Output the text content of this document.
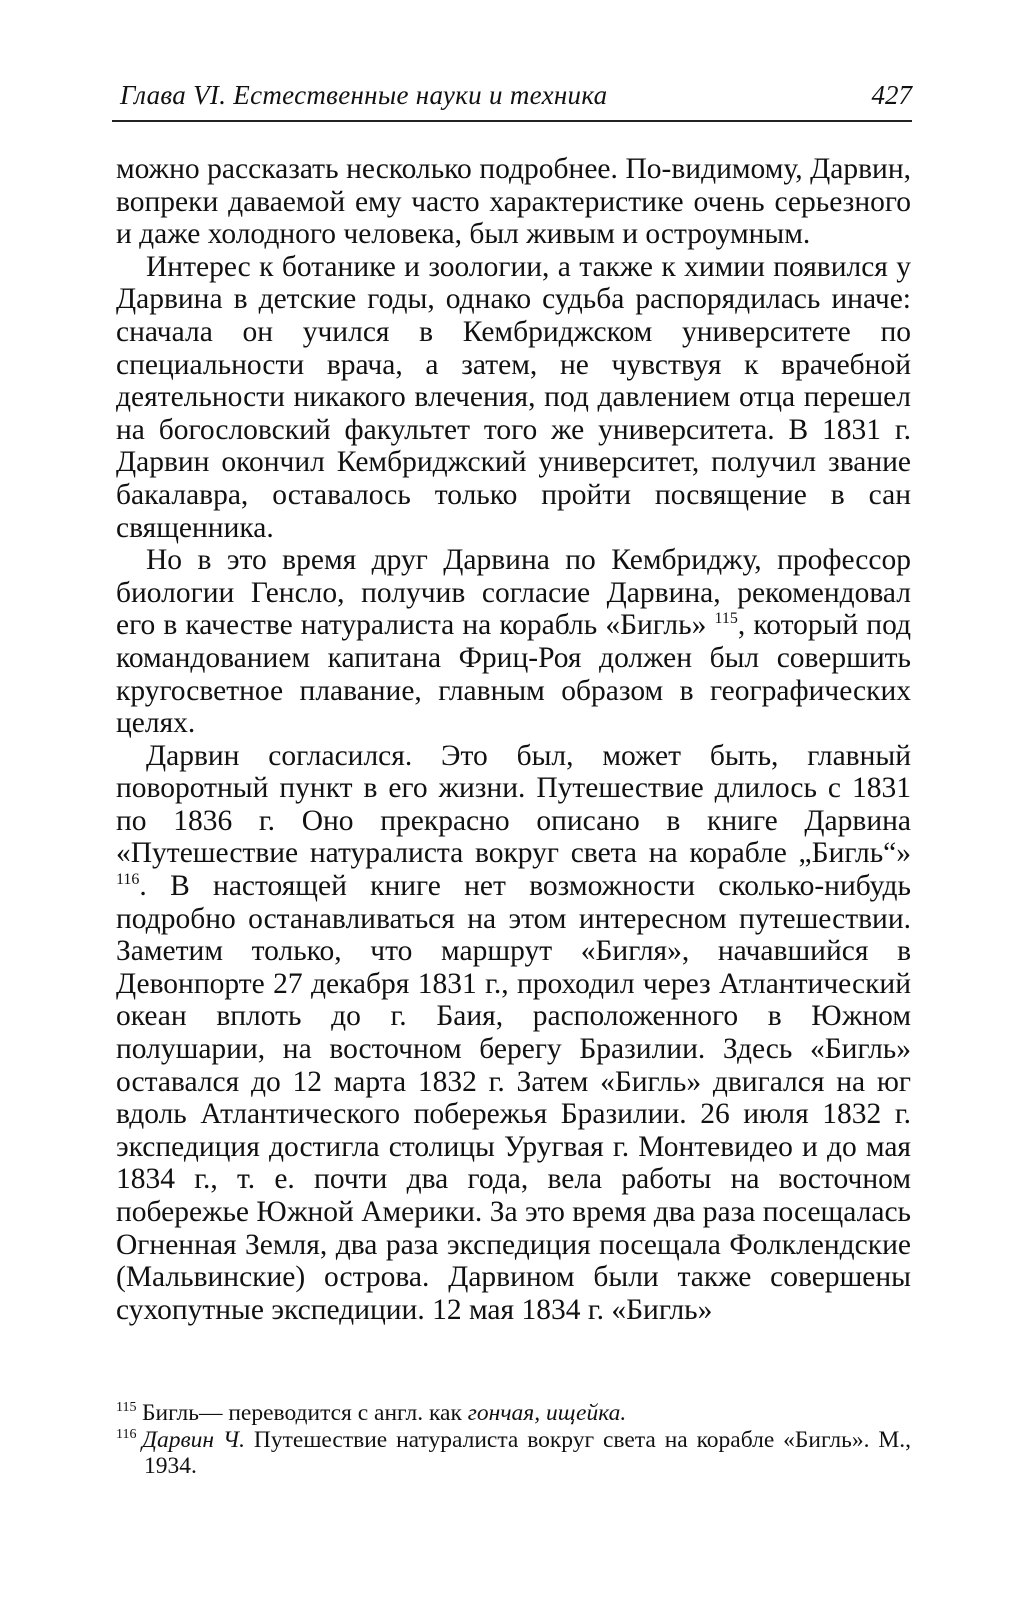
Глава VI. Естественные науки и техника	427

можно рассказать несколько подробнее. По-видимому, Дарвин, вопреки даваемой ему часто характеристике очень серьезного и даже холодного человека, был живым и остроумным.

Интерес к ботанике и зоологии, а также к химии появился у Дарвина в детские годы, однако судьба распорядилась иначе: сначала он учился в Кембриджском университете по специальности врача, а затем, не чувствуя к врачебной деятельности никакого влечения, под давлением отца перешел на богословский факультет того же университета. В 1831 г. Дарвин окончил Кембриджский университет, получил звание бакалавра, оставалось только пройти посвящение в сан священника.

Но в это время друг Дарвина по Кембриджу, профессор биологии Генсло, получив согласие Дарвина, рекомендовал его в качестве натуралиста на корабль «Бигль» $^{115}$, который под командованием капитана Фриц-Роя должен был совершить кругосветное плавание, главным образом в географических целях.

Дарвин согласился. Это был, может быть, главный поворотный пункт в его жизни. Путешествие длилось с 1831 по 1836 г. Оно прекрасно описано в книге Дарвина «Путешествие натуралиста вокруг света на корабле „Бигль“» $^{116}$. В настоящей книге нет возможности сколько-нибудь подробно останавливаться на этом интересном путешествии. Заметим только, что маршрут «Бигля», начавшийся в Девонпорте 27 декабря 1831 г., проходил через Атлантический океан вплоть до г. Баия, расположенного в Южном полушарии, на восточном берегу Бразилии. Здесь «Бигль» оставался до 12 марта 1832 г. Затем «Бигль» двигался на юг вдоль Атлантического побережья Бразилии. 26 июля 1832 г. экспедиция достигла столицы Уругвая г. Монтевидео и до мая 1834 г., т. е. почти два года, вела работы на восточном побережье Южной Америки. За это время два раза посещалась Огненная Земля, два раза экспедиция посещала Фолклендские (Мальвинские) острова. Дарвином были также совершены сухопутные экспедиции. 12 мая 1834 г. «Бигль»

115 Бигль— переводится с англ. как гончая, ищейка.

116 Дарвин Ч. Путешествие натуралиста вокруг света на корабле «Бигль». М., 1934.
